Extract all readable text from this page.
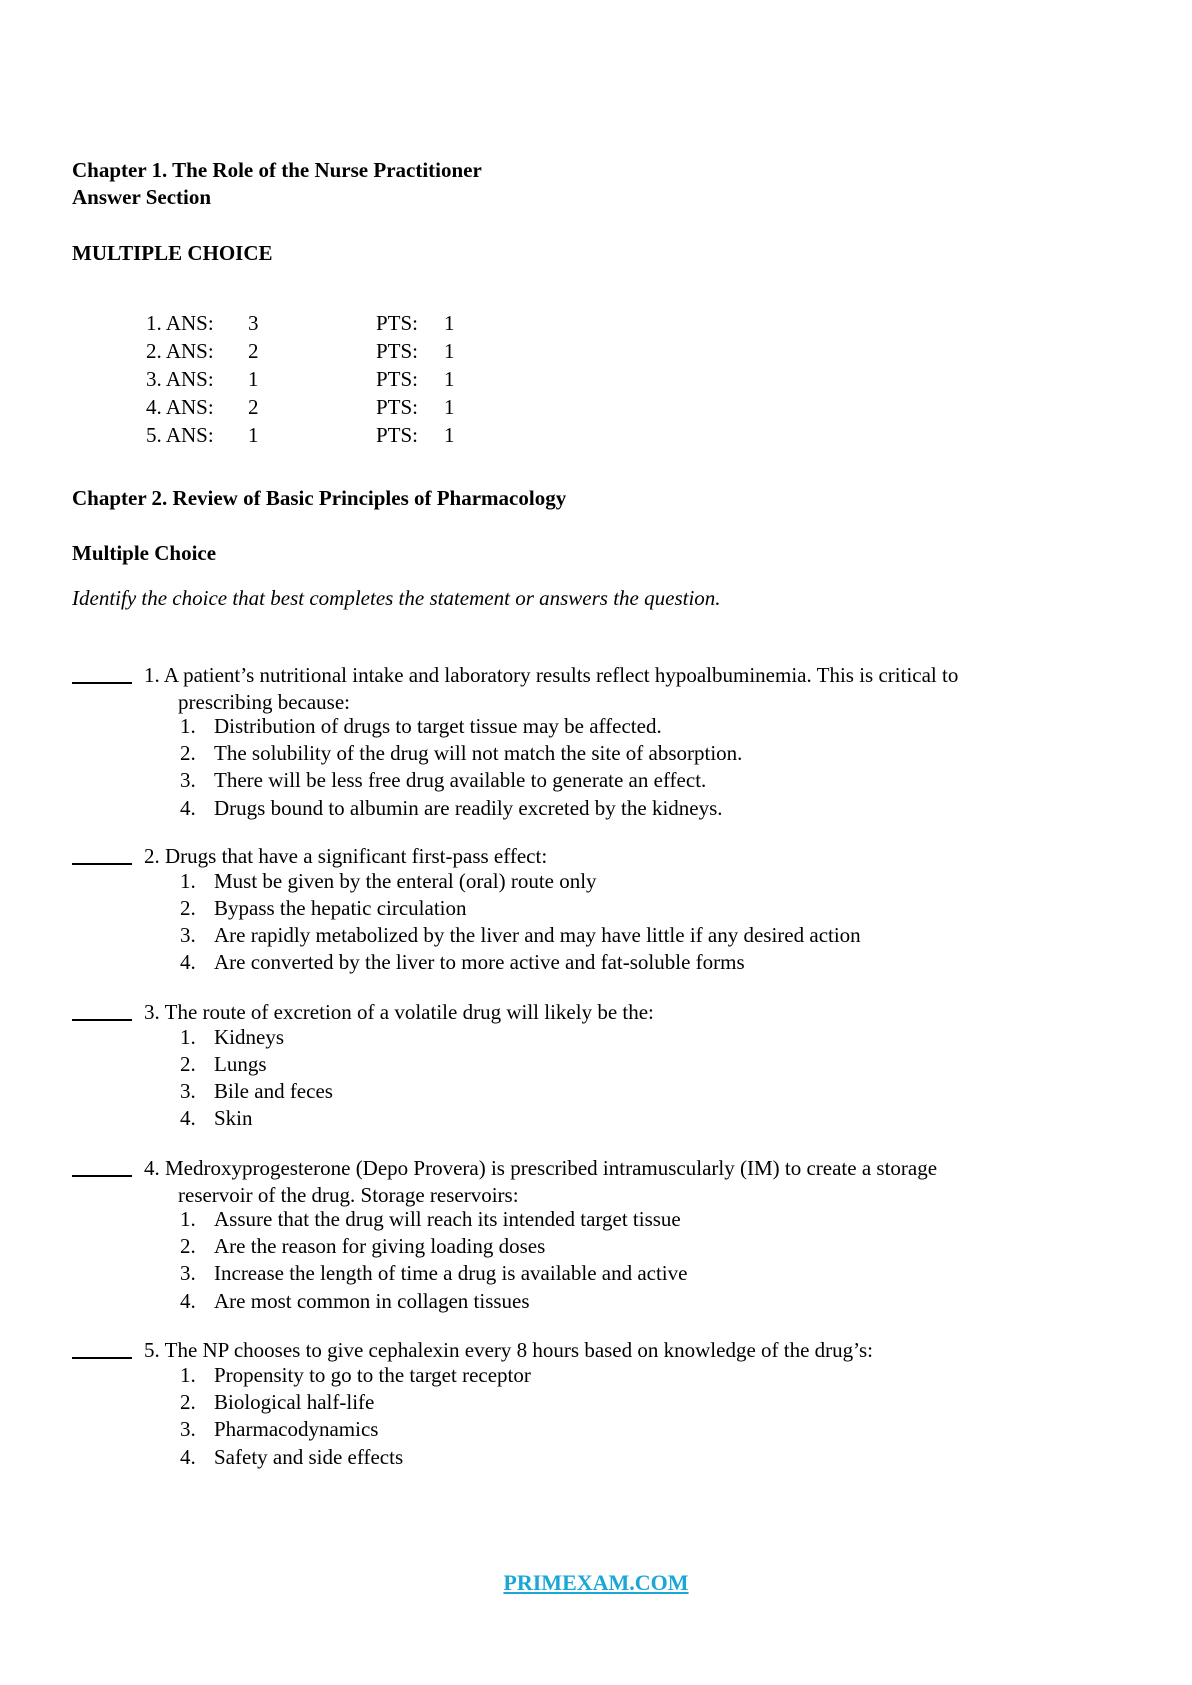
Chapter 1. The Role of the Nurse Practitioner
Answer Section
MULTIPLE CHOICE
1. ANS: 3	PTS: 1
2. ANS: 2	PTS: 1
3. ANS: 1	PTS: 1
4. ANS: 2	PTS: 1
5. ANS: 1	PTS: 1
Chapter 2. Review of Basic Principles of Pharmacology
Multiple Choice
Identify the choice that best completes the statement or answers the question.
1. A patient’s nutritional intake and laboratory results reflect hypoalbuminemia. This is critical to
prescribing because:
1. Distribution of drugs to target tissue may be affected.
2. The solubility of the drug will not match the site of absorption.
3. There will be less free drug available to generate an effect.
4. Drugs bound to albumin are readily excreted by the kidneys.
2. Drugs that have a significant first-pass effect:
1. Must be given by the enteral (oral) route only
2. Bypass the hepatic circulation
3. Are rapidly metabolized by the liver and may have little if any desired action
4. Are converted by the liver to more active and fat-soluble forms
3. The route of excretion of a volatile drug will likely be the:
1. Kidneys
2. Lungs
3. Bile and feces
4. Skin
4. Medroxyprogesterone (Depo Provera) is prescribed intramuscularly (IM) to create a storage
reservoir of the drug. Storage reservoirs:
1. Assure that the drug will reach its intended target tissue
2. Are the reason for giving loading doses
3. Increase the length of time a drug is available and active
4. Are most common in collagen tissues
5. The NP chooses to give cephalexin every 8 hours based on knowledge of the drug’s:
1. Propensity to go to the target receptor
2. Biological half-life
3. Pharmacodynamics
4. Safety and side effects
PRIMEXAM.COM
